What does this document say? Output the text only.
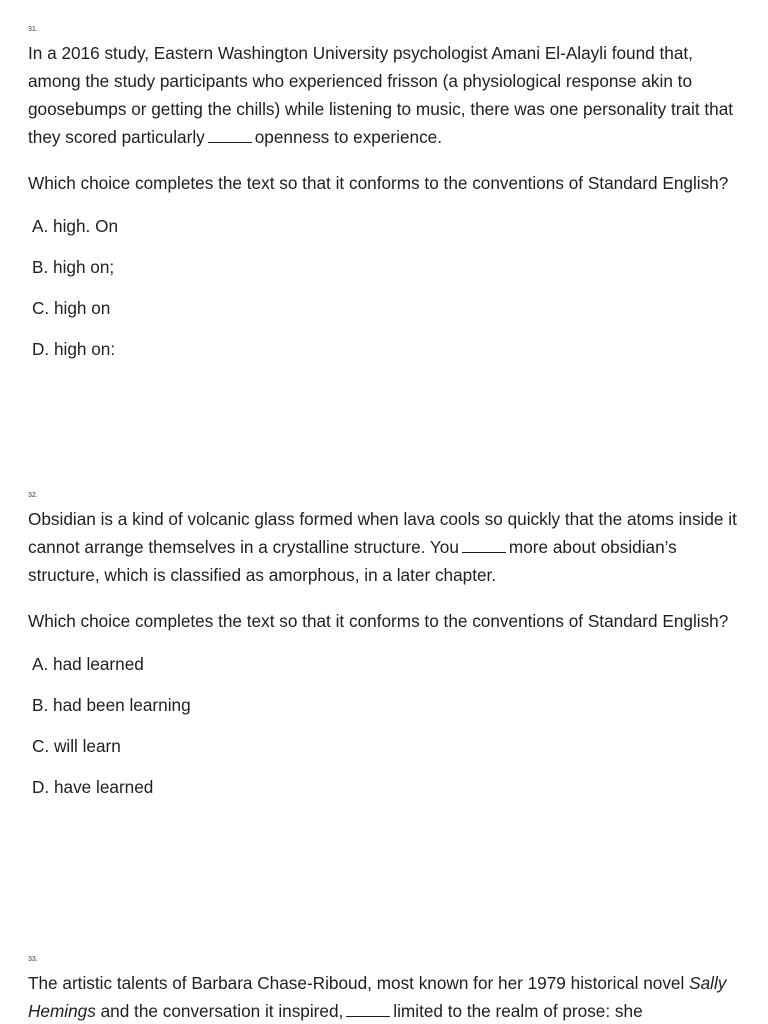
31.

In a 2016 study, Eastern Washington University psychologist Amani El-Alayli found that, among the study participants who experienced frisson (a physiological response akin to goosebumps or getting the chills) while listening to music, there was one personality trait that they scored particularly	openness to experience.

Which choice completes the text so that it conforms to the conventions of Standard English?

A. high. On
B. high on;
C. high on
D. high on:
32.

Obsidian is a kind of volcanic glass formed when lava cools so quickly that the atoms inside it cannot arrange themselves in a crystalline structure. You	more about obsidian’s structure, which is classified as amorphous, in a later chapter.

Which choice completes the text so that it conforms to the conventions of Standard English?

A. had learned
B. had been learning
C. will learn
D. have learned
33.

The artistic talents of Barbara Chase-Riboud, most known for her 1979 historical novel Sally Hemings and the conversation it inspired,	limited to the realm of prose: she
